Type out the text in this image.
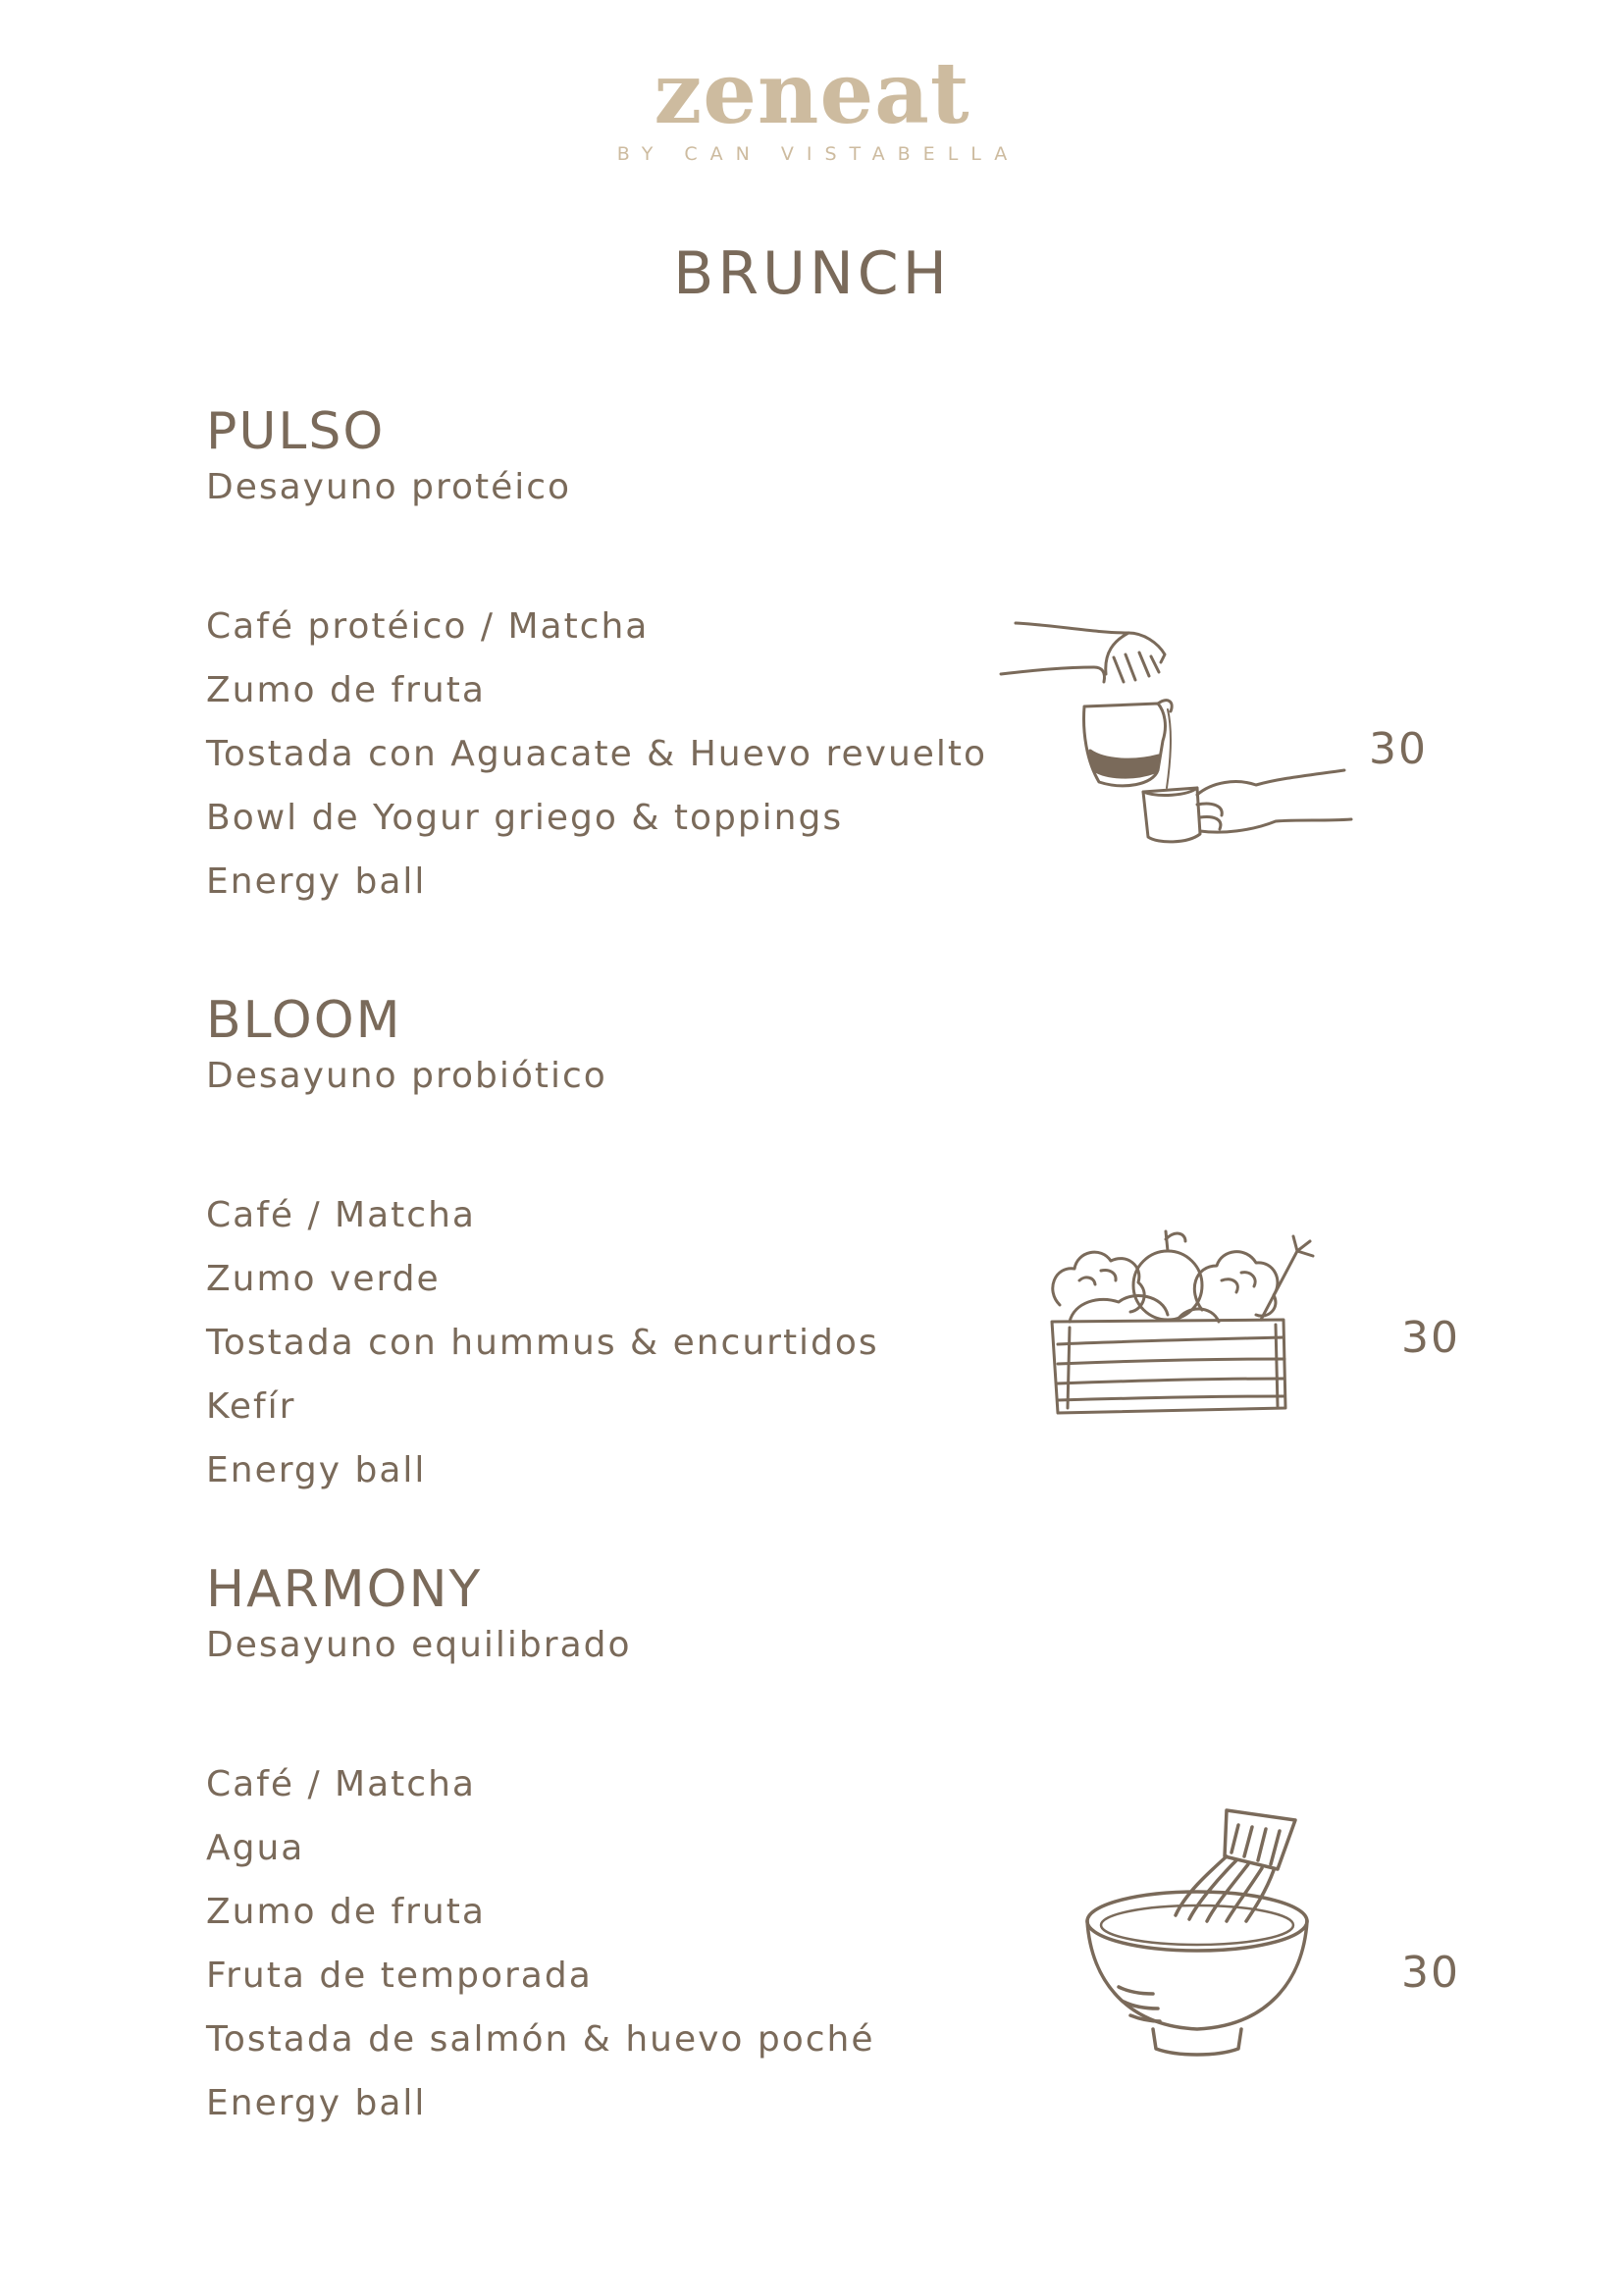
zeneat
BY CAN VISTABELLA
BRUNCH
PULSO
Desayuno protéico
Café protéico / Matcha
Zumo de fruta
Tostada con Aguacate & Huevo revuelto
Bowl de Yogur griego & toppings
Energy ball
30
BLOOM
Desayuno probiótico
Café / Matcha
Zumo verde
Tostada con hummus & encurtidos
Kefír
Energy ball
30
HARMONY
Desayuno equilibrado
Café / Matcha
Agua
Zumo de fruta
Fruta de temporada
Tostada de salmón & huevo poché
Energy ball
30
